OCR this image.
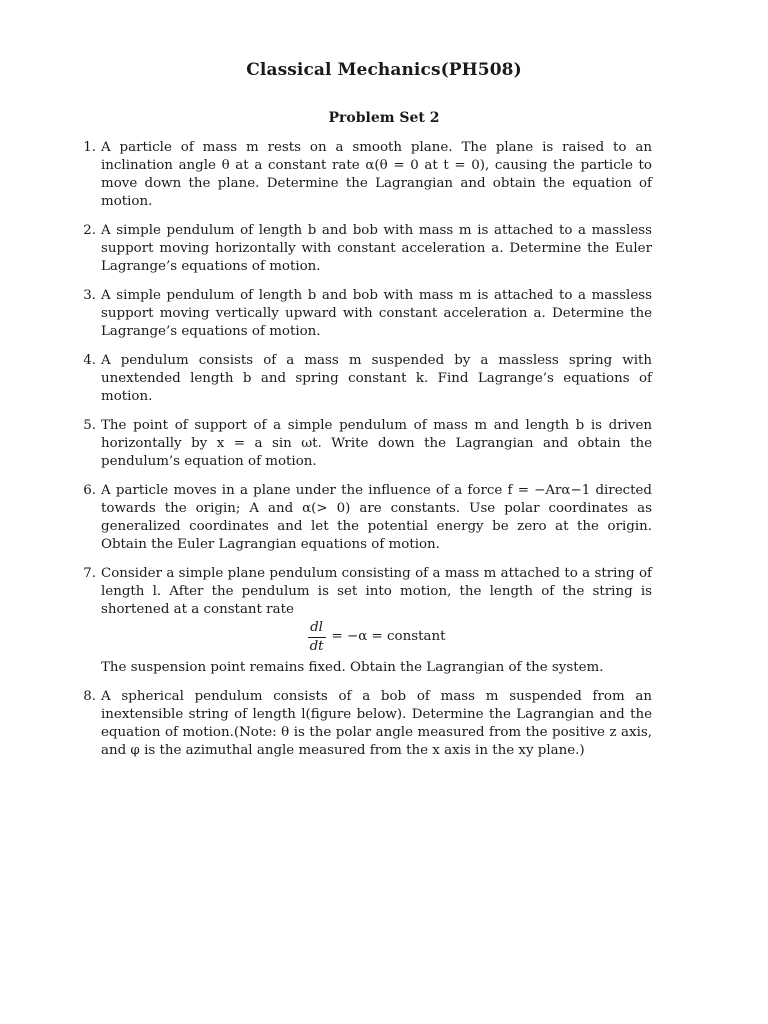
Classical Mechanics(PH508)
Problem Set 2
1. A particle of mass m rests on a smooth plane. The plane is raised to an inclination angle θ at a constant rate α(θ = 0 at t = 0), causing the particle to move down the plane. Determine the Lagrangian and obtain the equation of motion.
2. A simple pendulum of length b and bob with mass m is attached to a massless support moving horizontally with constant acceleration a. Determine the Euler Lagrange’s equations of motion.
3. A simple pendulum of length b and bob with mass m is attached to a massless support moving vertically upward with constant acceleration a. Determine the Lagrange’s equations of motion.
4. A pendulum consists of a mass m suspended by a massless spring with unextended length b and spring constant k. Find Lagrange’s equations of motion.
5. The point of support of a simple pendulum of mass m and length b is driven horizontally by x = a sin ωt. Write down the Lagrangian and obtain the pendulum’s equation of motion.
6. A particle moves in a plane under the influence of a force f = −Arα−1 directed towards the origin; A and α(> 0) are constants. Use polar coordinates as generalized coordinates and let the potential energy be zero at the origin. Obtain the Euler Lagrangian equations of motion.
7. Consider a simple plane pendulum consisting of a mass m attached to a string of length l. After the pendulum is set into motion, the length of the string is shortened at a constant rate
$\frac{dl}{dt} = -\alpha$ = constant
The suspension point remains fixed. Obtain the Lagrangian of the system.
8. A spherical pendulum consists of a bob of mass m suspended from an inextensible string of length l(figure below). Determine the Lagrangian and the equation of motion.(Note: θ is the polar angle measured from the positive z axis, and φ is the azimuthal angle measured from the x axis in the xy plane.)
